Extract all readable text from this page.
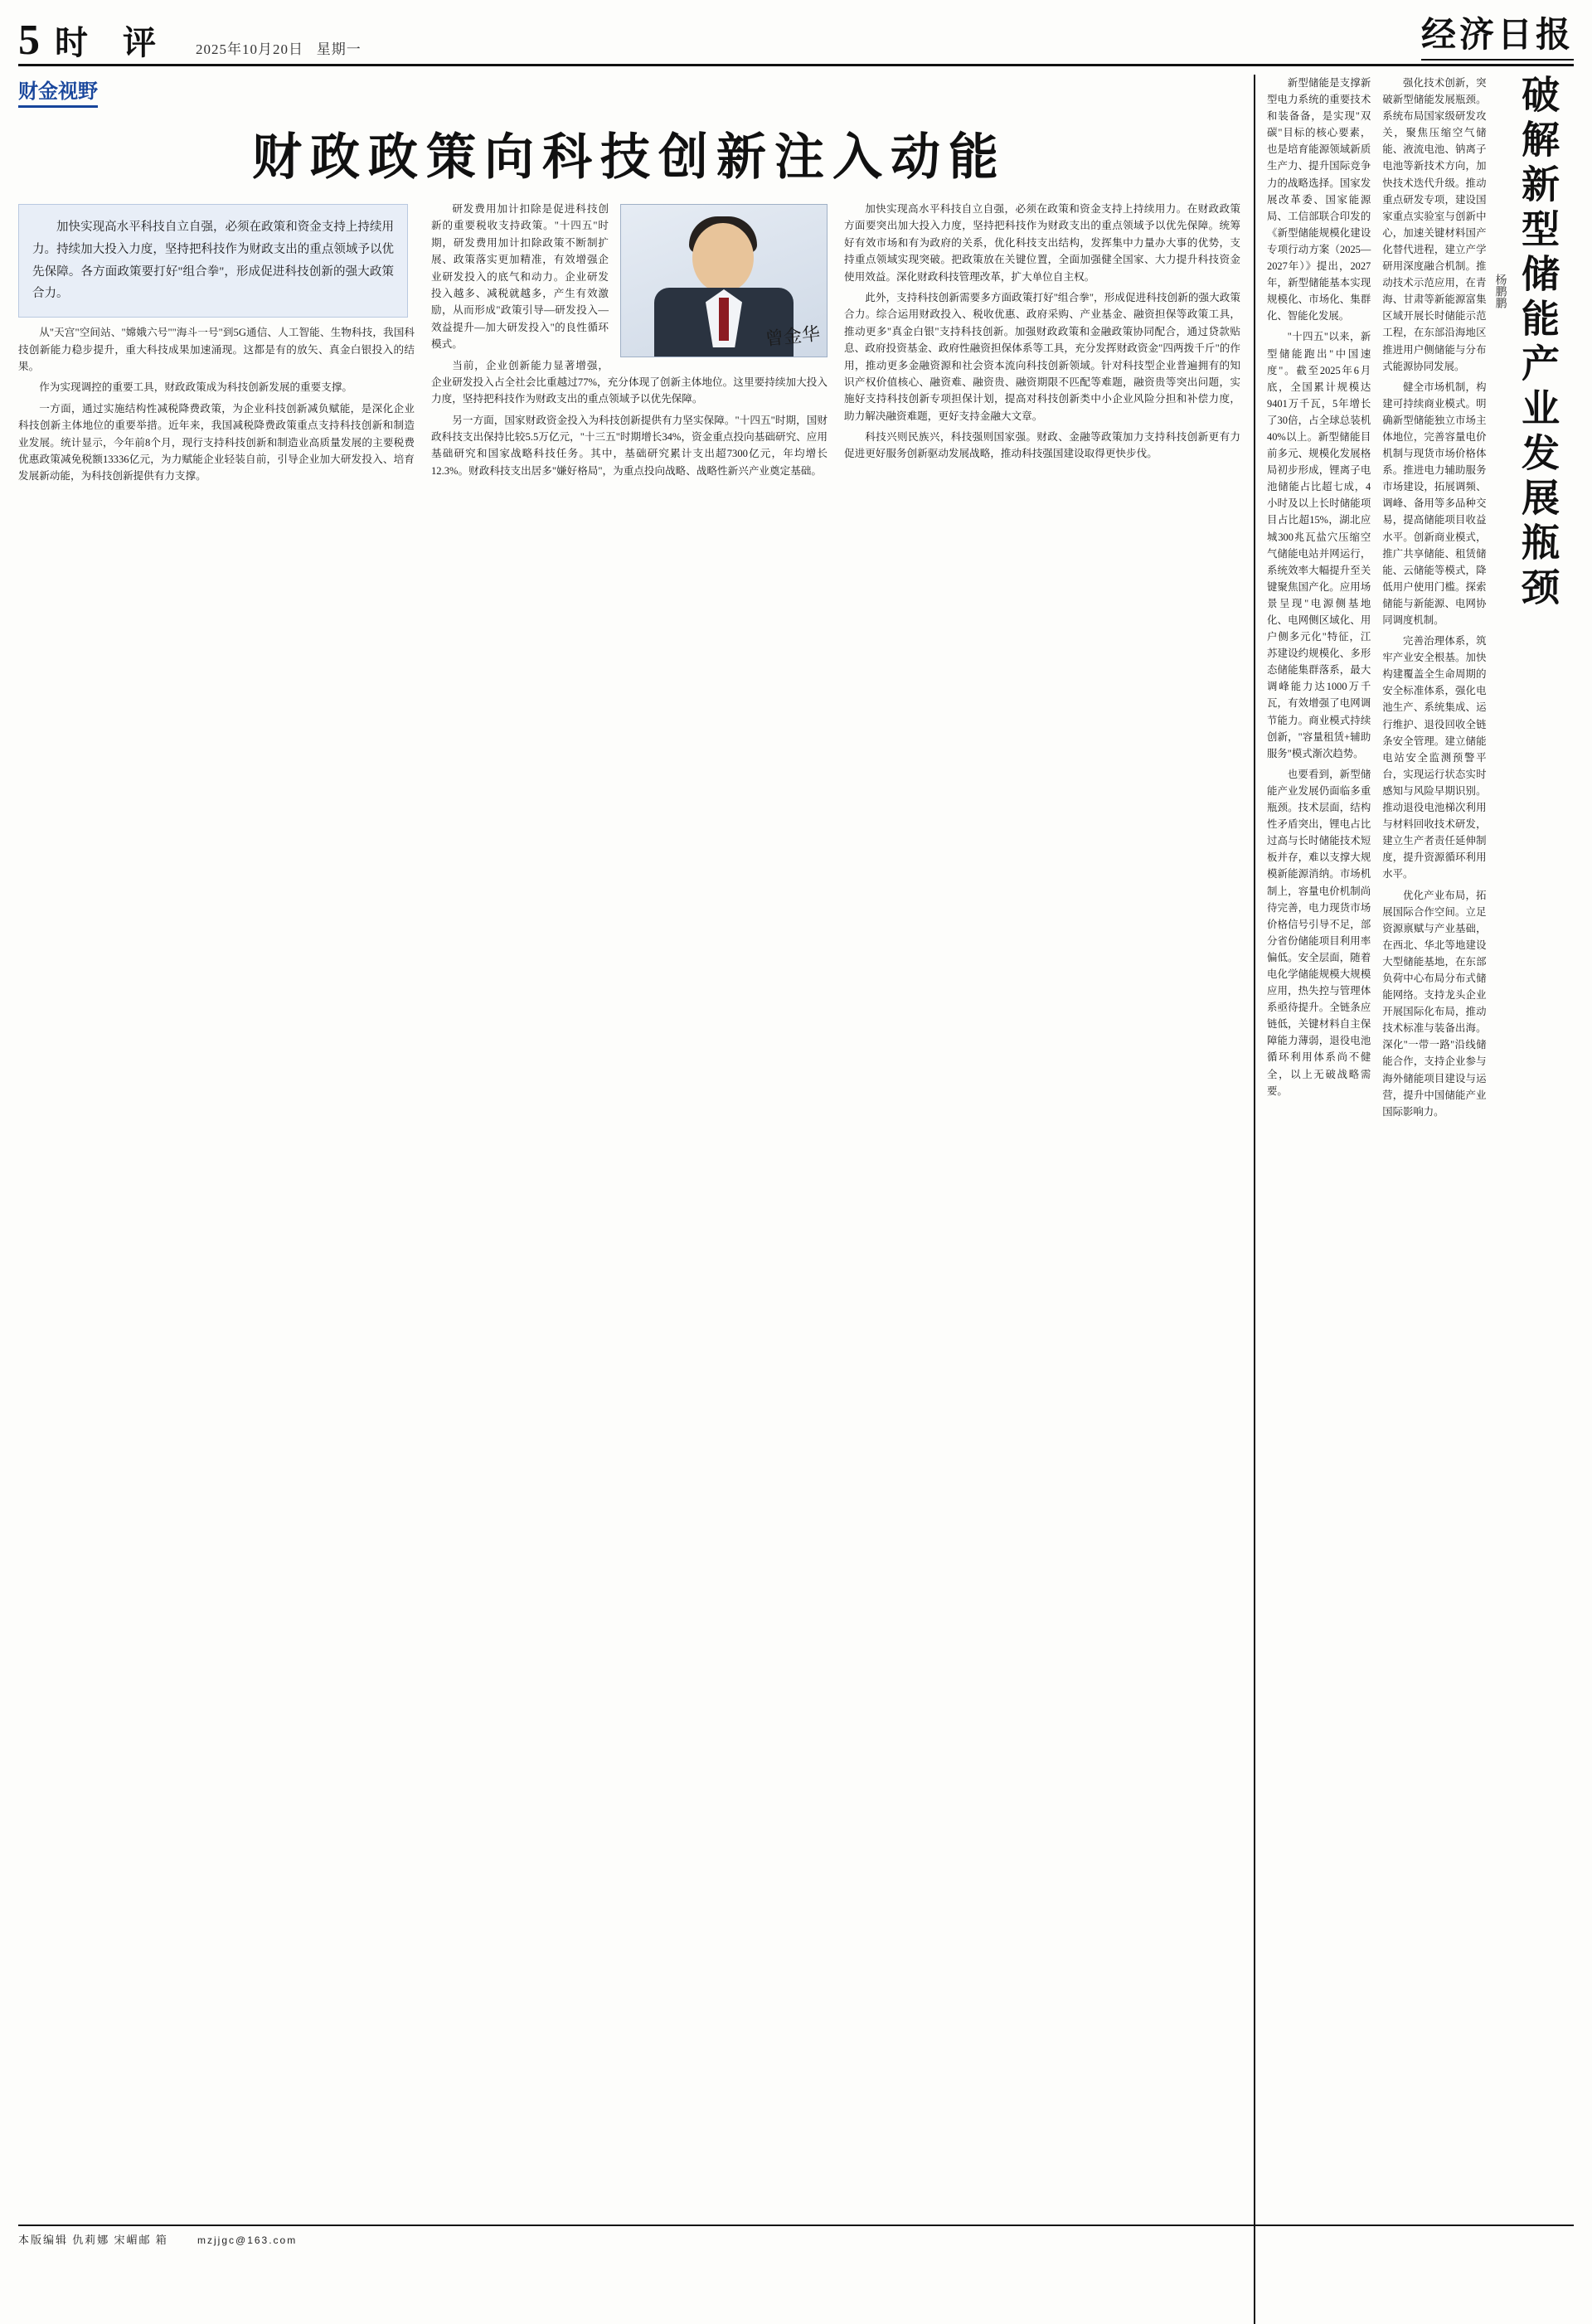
5 时 评 2025年10月20日 星期一	经济日报
财金视野
财政政策向科技创新注入动能

加快实现高水平科技自立自强，必须在政策和资金支持上持续用力。持续加大投入力度，坚持把科技作为财政支出的重点领域予以优先保障。各方面政策要打好"组合拳"，形成促进科技创新的强大政策合力。

曾金华

从"天宫"空间站、"嫦娥六号""海斗一号"到5G通信、人工智能、生物科技，我国科技创新能力稳步提升，重大科技成果加速涌现。这都是有的放矢、真金白银投入的结果。

作为实现调控的重要工具，财政政策成为科技创新发展的重要支撑。

一方面，通过实施结构性减税降费政策，为企业科技创新减负赋能，是深化企业科技创新主体地位的重要举措。近年来，我国减税降费政策重点支持科技创新和制造业发展。统计显示，今年前8个月，现行支持科技创新和制造业高质量发展的主要税费优惠政策减免税额13336亿元，为力赋能企业轻装自前，引导企业加大研发投入、培育发展新动能，为科技创新提供有力支撑。

研发费用加计扣除是促进科技创新的重要税收支持政策。"十四五"时期，研发费用加计扣除政策不断制扩展、政策落实更加精准，有效增强企业研发投入的底气和动力。企业研发投入越多、减税就越多，产生有效激励，从而形成"政策引导—研发投入—效益提升—加大研发投入"的良性循环模式。

当前，企业创新能力显著增强，企业研发投入占全社会比重越过77%，充分体现了创新主体地位。这里要持续加大投入力度，坚持把科技作为财政支出的重点领域予以优先保障。

另一方面，国家财政资金投入为科技创新提供有力坚实保障。"十四五"时期，国财政科技支出保持比较5.5万亿元，"十三五"时期增长34%，资金重点投向基础研究、应用基础研究和国家战略科技任务。其中，基础研究累计支出超7300亿元，年均增长12.3%。财政科技支出居多"嫌好格局"，为重点投向战略、战略性新兴产业奠定基础。

加快实现高水平科技自立自强，必须在政策和资金支持上持续用力。在财政政策方面要突出加大投入力度，坚持把科技作为财政支出的重点领域予以优先保障。统筹好有效市场和有为政府的关系，优化科技支出结构，发挥集中力量办大事的优势，支持重点领域实现突破。把政策放在关键位置，全面加强健全国家、大力提升科技资金使用效益。深化财政科技管理改革，扩大单位自主权。

此外，支持科技创新需要多方面政策打好"组合拳"，形成促进科技创新的强大政策合力。综合运用财政投入、税收优惠、政府采购、产业基金、融资担保等政策工具，推动更多"真金白银"支持科技创新。加强财政政策和金融政策协同配合，通过贷款贴息、政府投资基金、政府性融资担保体系等工具，充分发挥财政资金"四两拨千斤"的作用，推动更多金融资源和社会资本流向科技创新领域。针对科技型企业普遍拥有的知识产权价值核心、融资难、融资贵、融资期限不匹配等难题，融资贵等突出问题，实施好支持科技创新专项担保计划，提高对科技创新类中小企业风险分担和补偿力度，助力解决融资难题，更好支持金融大文章。

科技兴则民族兴，科技强则国家强。财政、金融等政策加力支持科技创新更有力促进更好服务创新驱动发展战略，推动科技强国建设取得更快步伐。	破解新型储能产业发展瓶颈
杨鹏鹏

新型储能是支撑新型电力系统的重要技术和装备备，是实现"双碳"目标的核心要素，也是培育能源领域新质生产力、提升国际竞争力的战略选择。国家发展改革委、国家能源局、工信部联合印发的《新型储能规模化建设专项行动方案（2025—2027年）》提出，2027年，新型储能基本实现规模化、市场化、集群化、智能化发展。

"十四五"以来，新型储能跑出"中国速度"。截至2025年6月底，全国累计规模达9401万千瓦，5年增长了30倍，占全球总装机40%以上。新型储能目前多元、规模化发展格局初步形成，锂离子电池储能占比超七成，4小时及以上长时储能项目占比超15%，湖北应城300兆瓦盐穴压缩空气储能电站并网运行，系统效率大幅提升至关键聚焦国产化。应用场景呈现"电源侧基地化、电网侧区域化、用户侧多元化"特征，江苏建设约规模化、多形态储能集群落系，最大调峰能力达1000万千瓦，有效增强了电网调节能力。商业模式持续创新，"容量租赁+辅助服务"模式渐次趋势。

也要看到，新型储能产业发展仍面临多重瓶颈。技术层面，结构性矛盾突出，锂电占比过高与长时储能技术短板并存，难以支撑大规模新能源消纳。市场机制上，容量电价机制尚待完善，电力现货市场价格信号引导不足，部分省份储能项目利用率偏低。安全层面，随着电化学储能规模大规模应用，热失控与管理体系亟待提升。全链条应链低，关键材料自主保障能力薄弱，退役电池循环利用体系尚不健全，以上无破战略需要。

强化技术创新，突破新型储能发展瓶颈。系统布局国家级研发攻关，聚焦压缩空气储能、液流电池、钠离子电池等新技术方向，加快技术迭代升级。推动重点研发专项，建设国家重点实验室与创新中心，加速关键材料国产化替代进程，建立产学研用深度融合机制。推动技术示范应用，在青海、甘肃等新能源富集区域开展长时储能示范工程，在东部沿海地区推进用户侧储能与分布式能源协同发展。

健全市场机制，构建可持续商业模式。明确新型储能独立市场主体地位，完善容量电价机制与现货市场价格体系。推进电力辅助服务市场建设，拓展调频、调峰、备用等多品种交易，提高储能项目收益水平。创新商业模式，推广共享储能、租赁储能、云储能等模式，降低用户使用门槛。探索储能与新能源、电网协同调度机制。

完善治理体系，筑牢产业安全根基。加快构建覆盖全生命周期的安全标准体系，强化电池生产、系统集成、运行维护、退役回收全链条安全管理。建立储能电站安全监测预警平台，实现运行状态实时感知与风险早期识别。推动退役电池梯次利用与材料回收技术研发，建立生产者责任延伸制度，提升资源循环利用水平。

优化产业布局，拓展国际合作空间。立足资源禀赋与产业基础，在西北、华北等地建设大型储能基地，在东部负荷中心布局分布式储能网络。支持龙头企业开展国际化布局，推动技术标准与装备出海。深化"一带一路"沿线储能合作，支持企业参与海外储能项目建设与运营，提升中国储能产业国际影响力。

本版编辑 仇莉娜 宋嵋邮 箱	mzjjgc@163.com
